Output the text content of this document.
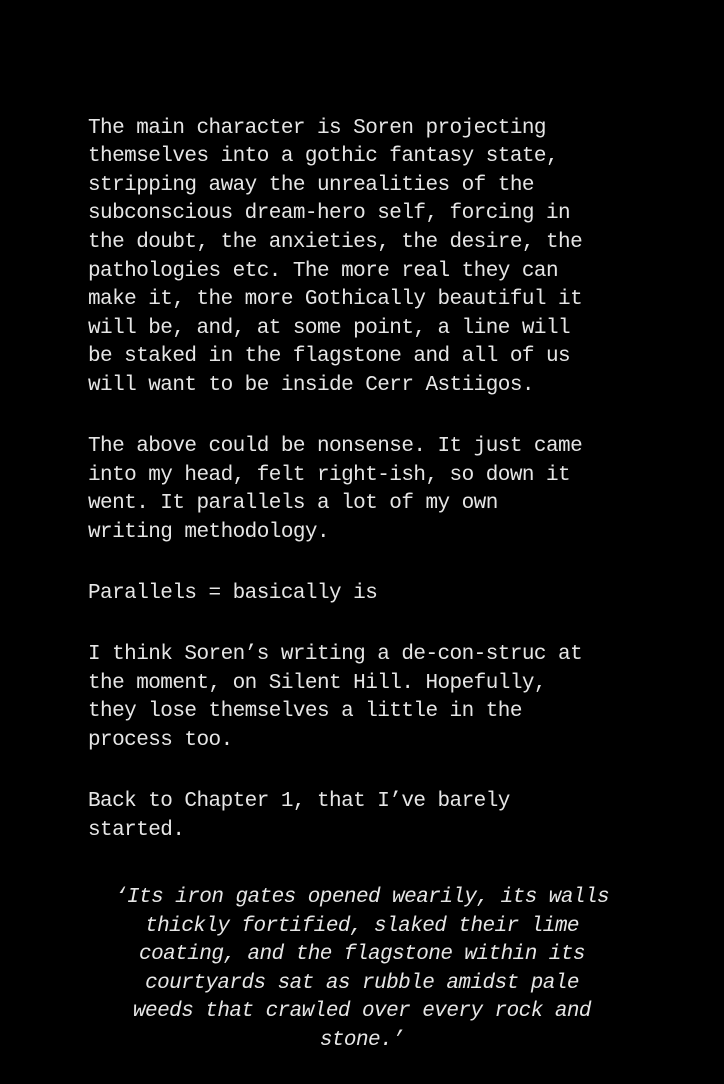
The main character is Soren projecting
themselves into a gothic fantasy state,
stripping away the unrealities of the
subconscious dream-hero self, forcing in
the doubt, the anxieties, the desire, the
pathologies etc. The more real they can
make it, the more Gothically beautiful it
will be, and, at some point, a line will
be staked in the flagstone and all of us
will want to be inside Cerr Astiigos.

The above could be nonsense. It just came
into my head, felt right-ish, so down it
went. It parallels a lot of my own
writing methodology.

Parallels = basically is

I think Soren’s writing a de-con-struc at
the moment, on Silent Hill. Hopefully,
they lose themselves a little in the
process too.

Back to Chapter 1, that I’ve barely
started.

‘Its iron gates opened wearily, its walls
thickly fortified, slaked their lime
coating, and the flagstone within its
courtyards sat as rubble amidst pale
weeds that crawled over every rock and
stone.’
